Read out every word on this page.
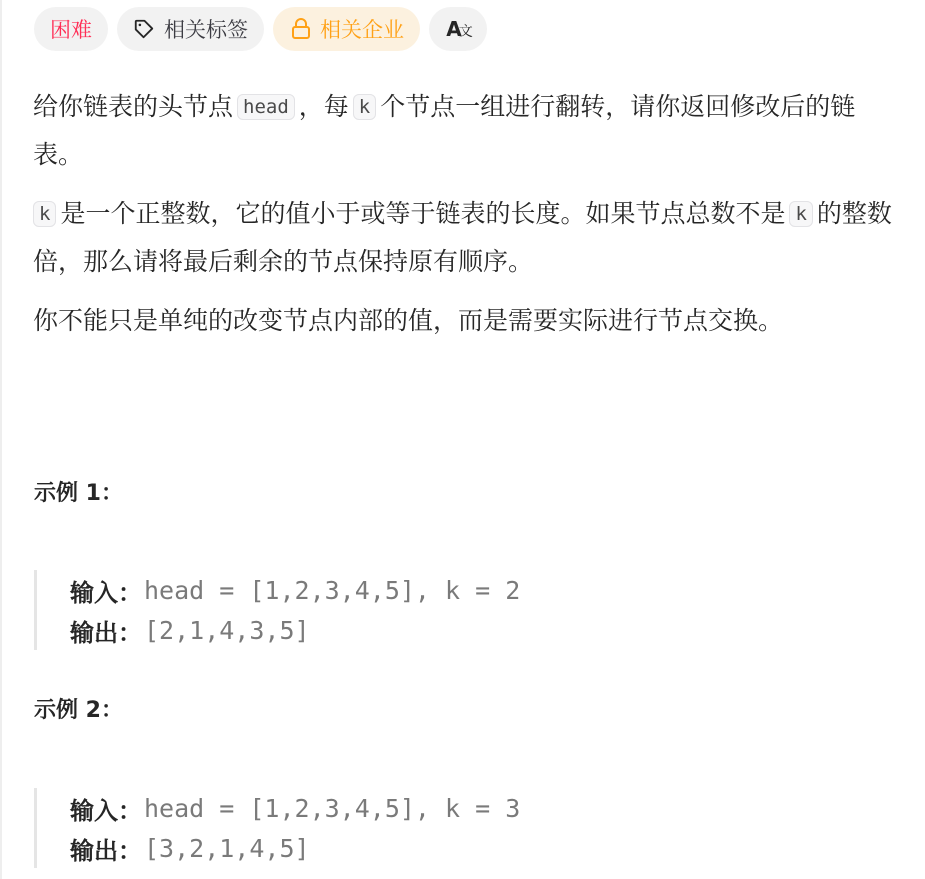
困难	相关标签	相关企业 A文

给你链表的头节点 head ，每 k 个节点一组进行翻转，请你返回修改后的链表。

k 是一个正整数，它的值小于或等于链表的长度。如果节点总数不是 k 的整数倍，那么请将最后剩余的节点保持原有顺序。

你不能只是单纯的改变节点内部的值，而是需要实际进行节点交换。

示例 1：
输入： head = [1,2,3,4,5], k = 2
输出： [2,1,4,3,5]
示例 2：
输入： head = [1,2,3,4,5], k = 3
输出： [3,2,1,4,5]
